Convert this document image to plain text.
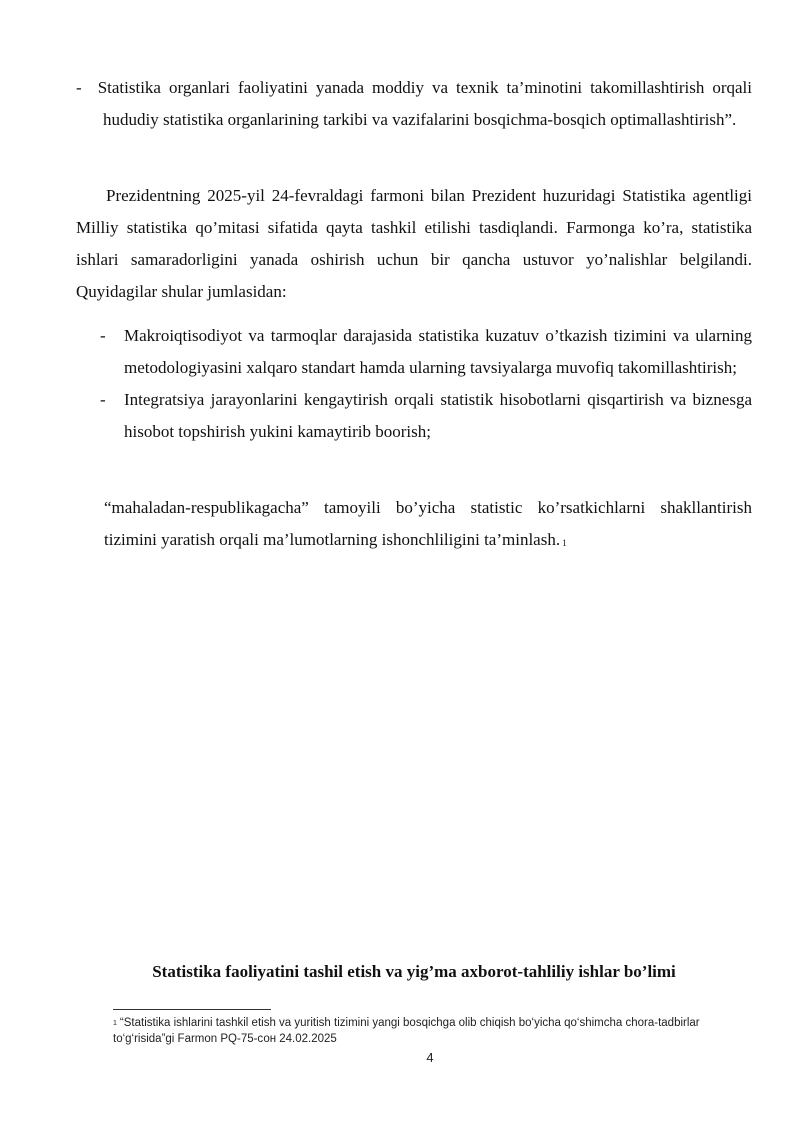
- Statistika organlari faoliyatini yanada moddiy va texnik ta’minotini takomillashtirish orqali hududiy statistika organlarining tarkibi va vazifalarini bosqichma-bosqich optimallashtirish”.

Prezidentning 2025-yil 24-fevraldagi farmoni bilan Prezident huzuridagi Statistika agentligi Milliy statistika qo’mitasi sifatida qayta tashkil etilishi tasdiqlandi. Farmonga ko’ra, statistika ishlari samaradorligini yanada oshirish uchun bir qancha ustuvor yo’nalishlar belgilandi. Quyidagilar shular jumlasidan:

- Makroiqtisodiyot va tarmoqlar darajasida statistika kuzatuv o’tkazish tizimini va ularning metodologiyasini xalqaro standart hamda ularning tavsiyalarga muvofiq takomillashtirish;

- Integratsiya jarayonlarini kengaytirish orqali statistik hisobotlarni qisqartirish va biznesga hisobot topshirish yukini kamaytirib boorish;

“mahaladan-respublikagacha” tamoyili bo’yicha statistic ko’rsatkichlarni shakllantirish tizimini yaratish orqali ma’lumotlarning ishonchliligini ta’minlash. $^1$

Statistika faoliyatini tashil etish va yig’ma axborot-tahliliy ishlar bo’limi
$^1$ “Statistika ishlarini tashkil etish va yuritish tizimini yangi bosqichga olib chiqish bo‘yicha qo‘shimcha chora-tadbirlar to‘g‘risida”gi Farmon PQ-75-сон 24.02.2025
4
